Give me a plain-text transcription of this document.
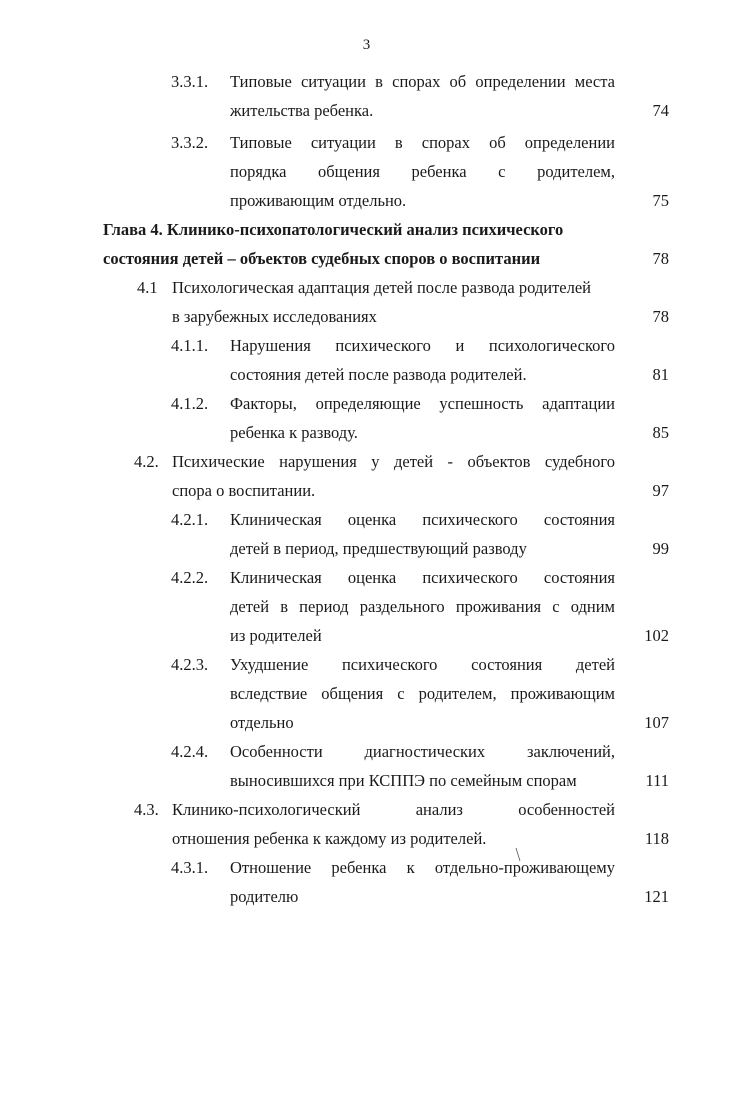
3
3.3.1. Типовые ситуации в спорах об определении места
жительства ребенка.	74
3.3.2. Типовые ситуации в спорах об определении
порядка общения ребенка с родителем,
проживающим отдельно.	75
Глава 4. Клинико-психопатологический анализ психического
состояния детей – объектов судебных споров о воспитании	78
4.1 Психологическая адаптация детей после развода родителей
в зарубежных исследованиях	78
4.1.1. Нарушения психического и психологического
состояния детей после развода родителей.	81
4.1.2. Факторы, определяющие успешность адаптации
ребенка к разводу.	85
4.2. Психические нарушения у детей - объектов судебного
спора о воспитании.	97
4.2.1. Клиническая оценка психического состояния
детей в период, предшествующий разводу	99
4.2.2. Клиническая оценка психического состояния
детей в период раздельного проживания с одним
из родителей	102
4.2.3. Ухудшение психического состояния детей
вследствие общения с родителем, проживающим
отдельно	107
4.2.4. Особенности диагностических заключений,
выносившихся при КСППЭ по семейным спорам	111
4.3. Клинико-психологический анализ особенностей
отношения ребенка к каждому из родителей.	118
4.3.1. Отношение ребенка к отдельно-проживающему
родителю	121
